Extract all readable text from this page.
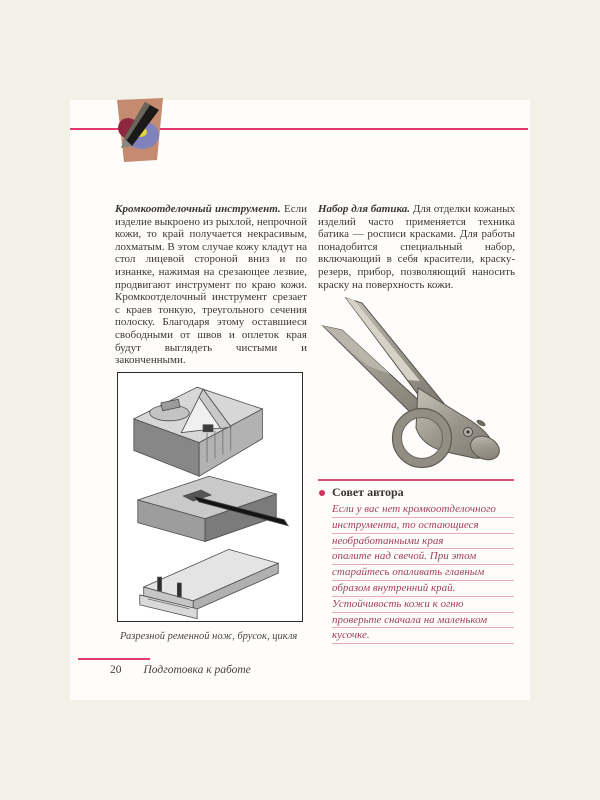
Кромкоотделочный инструмент. Если изделие выкроено из рыхлой, непрочной кожи, то край получается некрасивым, лохматым. В этом случае кожу кладут на стол лицевой стороной вниз и по изнанке, нажимая на срезающее лезвие, продвигают инструмент по краю кожи. Кромкоотделочный инструмент срезает с краев тонкую, треугольного сечения полоску. Благодаря этому оставшиеся свободными от швов и оплеток края будут выглядеть чистыми и законченными.

Разрезной ременной нож, брусок, цикля

Набор для батика. Для отделки кожаных изделий часто применяется техника батика — росписи красками. Для работы понадобится специальный набор, включающий в себя красители, краску-резерв, прибор, позволяющий наносить краску на поверхность кожи.

Совет автора
Если у вас нет кромкоотделочного
инструмента, то остающиеся
необработанными края
опалите над свечой. При этом
старайтесь опаливать главным
образом внутренний край.
Устойчивость кожи к огню
проверьте сначала на маленьком
кусочке.
20 Подготовка к работе
